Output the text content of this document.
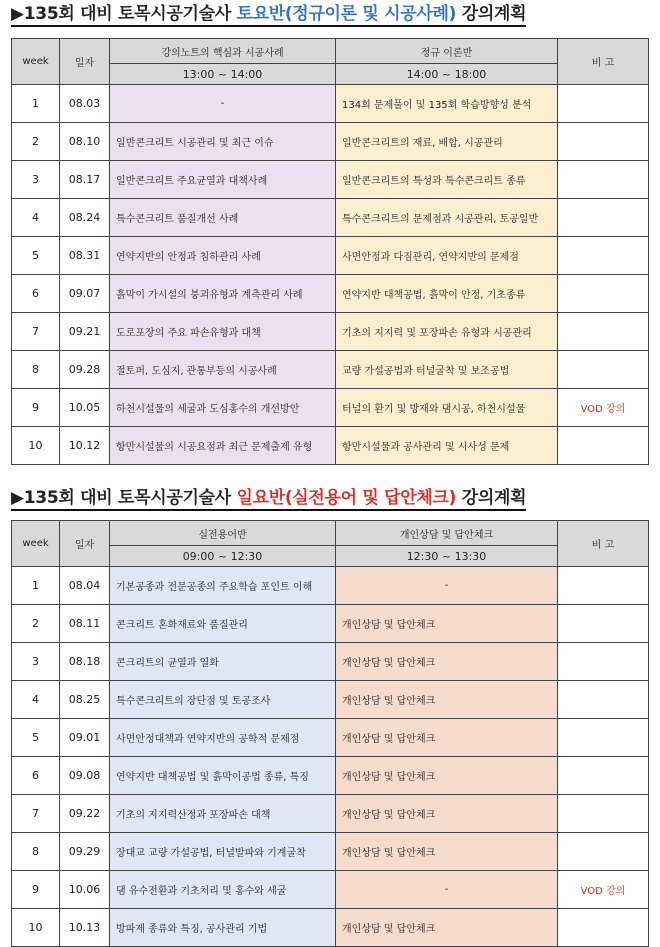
▶135회 대비 토목시공기술사 토요반(정규이론 및 시공사례) 강의계획
week	일자	강의노트의 핵심과 시공사례	정규 이론반	비 고
		13:00 ~ 14:00	14:00 ~ 18:00	
1	08.03	-	134회 문제풀이 및 135회 학습방향성 분석	
2	08.10	일반콘크리트 시공관리 및 최근 이슈	일반콘크리트의 재료, 배합, 시공관리	
3	08.17	일반콘크리트 주요균열과 대책사례	일반콘크리트의 특성과 특수콘크리트 종류	
4	08.24	특수콘크리트 품질개선 사례	특수콘크리트의 문제점과 시공관리, 토공일반	
5	08.31	연약지반의 안정과 침하관리 사례	사면안정과 다짐관리, 연약지반의 문제점	
6	09.07	흙막이 가시설의 붕괴유형과 계측관리 사례	연약지반 대책공법, 흙막이 안정, 기초종류	
7	09.21	도로포장의 주요 파손유형과 대책	기초의 지지력 및 포장파손 유형과 시공관리	
8	09.28	절토퍼, 도심지, 관통부등의 시공사례	교량 가설공법과 터널굴착 및 보조공법	
9	10.05	하천시설물의 세굴과 도심홍수의 개선방안	터널의 환기 및 방재와 댐시공, 하천시설물	VOD 강의
10	10.12	항만시설물의 시공요점과 최근 문제출제 유형	항만시설물과 공사관리 및 시사성 문제	
▶135회 대비 토목시공기술사 일요반(실전용어 및 답안체크) 강의계획
week	일자	실전용어반	개인상담 및 답안체크	비 고
		09:00 ~ 12:30	12:30 ~ 13:30	
1	08.04	기본공종과 전문공종의 주요학습 포인트 이해	-	
2	08.11	콘크리트 혼화재료와 품질관리	개인상담 및 답안체크	
3	08.18	콘크리트의 균열과 열화	개인상담 및 답안체크	
4	08.25	특수콘크리트의 장단점 및 토공조사	개인상담 및 답안체크	
5	09.01	사면안정대책과 연약지반의 공학적 문제점	개인상담 및 답안체크	
6	09.08	연약지반 대책공법 및 흙막이공법 종류, 특징	개인상담 및 답안체크	
7	09.22	기초의 지지력산정과 포장파손 대책	개인상담 및 답안체크	
8	09.29	장대교 교량 가설공법, 터널발파와 기계굴착	개인상담 및 답안체크	
9	10.06	댐 유수전환과 기초처리 및 홍수와 세굴	-	VOD 강의
10	10.13	방파제 종류와 특징, 공사관리 기법	개인상담 및 답안체크	
